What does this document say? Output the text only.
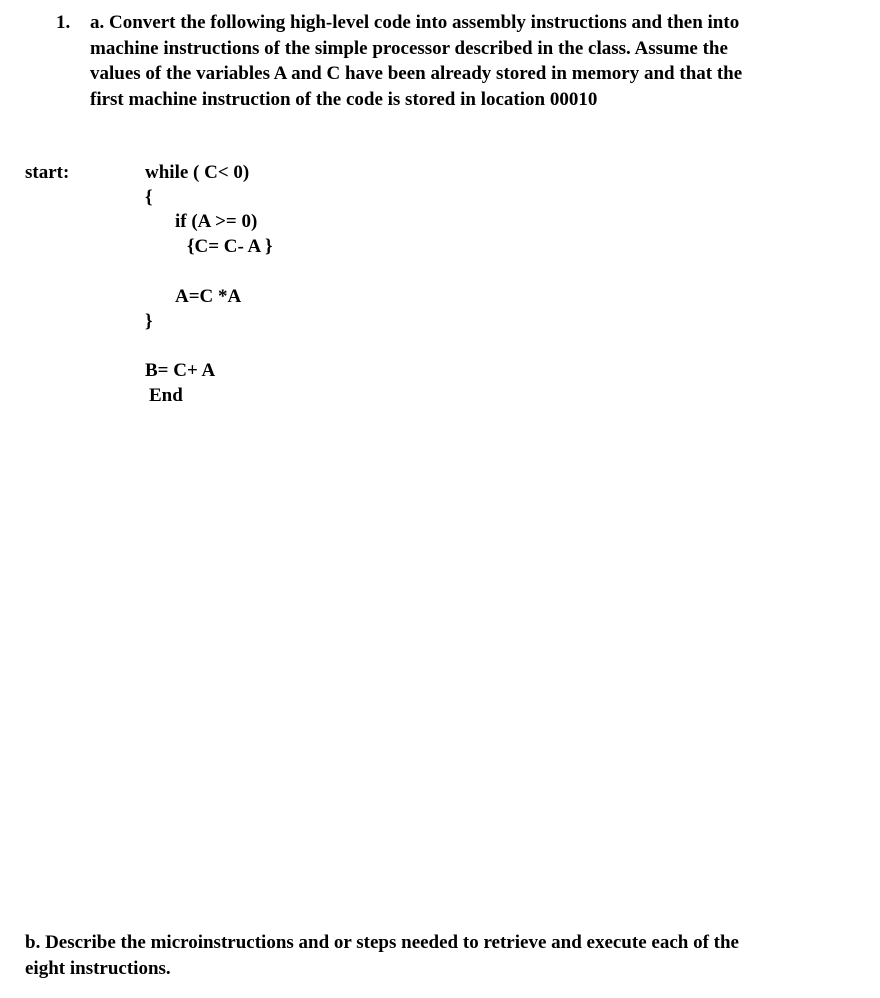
1. a. Convert the following high-level code into assembly instructions and then into
machine instructions of the simple processor described in the class. Assume the
values of the variables A and C have been already stored in memory and that the
first machine instruction of the code is stored in location 00010
start:	while ( C< 0)
{
if (A >= 0)
{C= C- A }
A=C *A
}
B= C+ A
End
b. Describe the microinstructions and or steps needed to retrieve and execute each of the
eight instructions.
